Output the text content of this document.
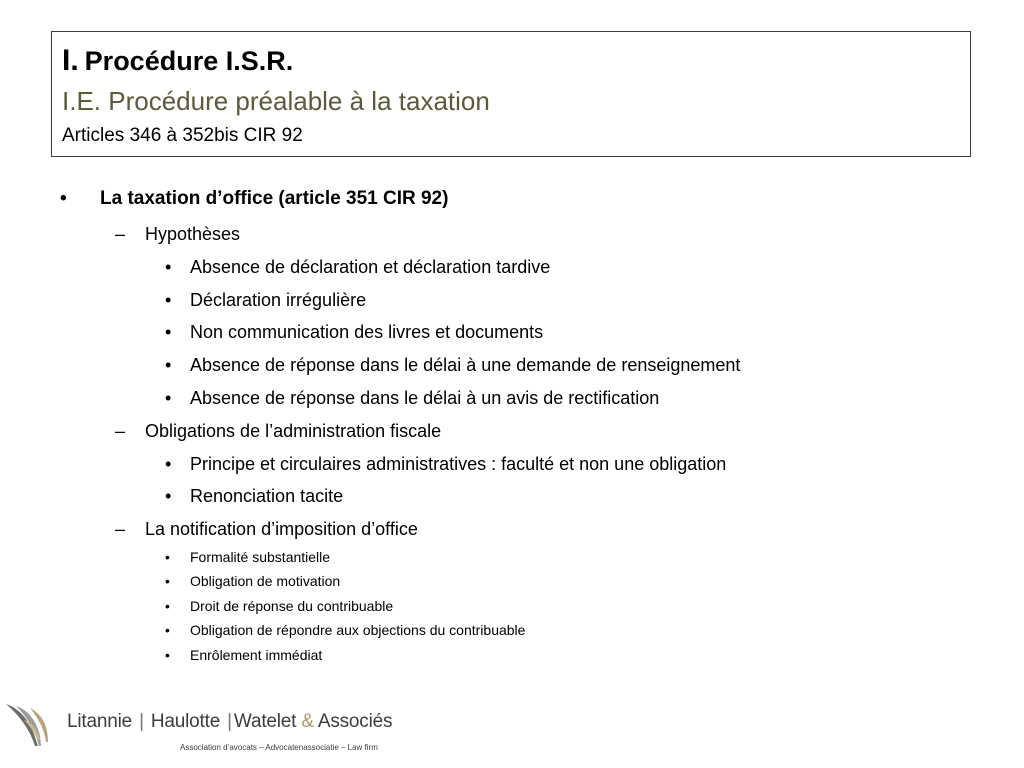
I. Procédure I.S.R.
I.E. Procédure préalable à la taxation
Articles 346 à 352bis CIR 92
• La taxation d’office (article 351 CIR 92)
– Hypothèses
• Absence de déclaration et déclaration tardive
• Déclaration irrégulière
• Non communication des livres et documents
• Absence de réponse dans le délai à une demande de renseignement
• Absence de réponse dans le délai à un avis de rectification
– Obligations de l’administration fiscale
• Principe et circulaires administratives : faculté et non une obligation
• Renonciation tacite
– La notification d’imposition d’office
• Formalité substantielle
• Obligation de motivation
• Droit de réponse du contribuable
• Obligation de répondre aux objections du contribuable
• Enrôlement immédiat
Litannie | Haulotte | Watelet & Associés
Association d’avocats – Advocatenassociatie – Law firm
